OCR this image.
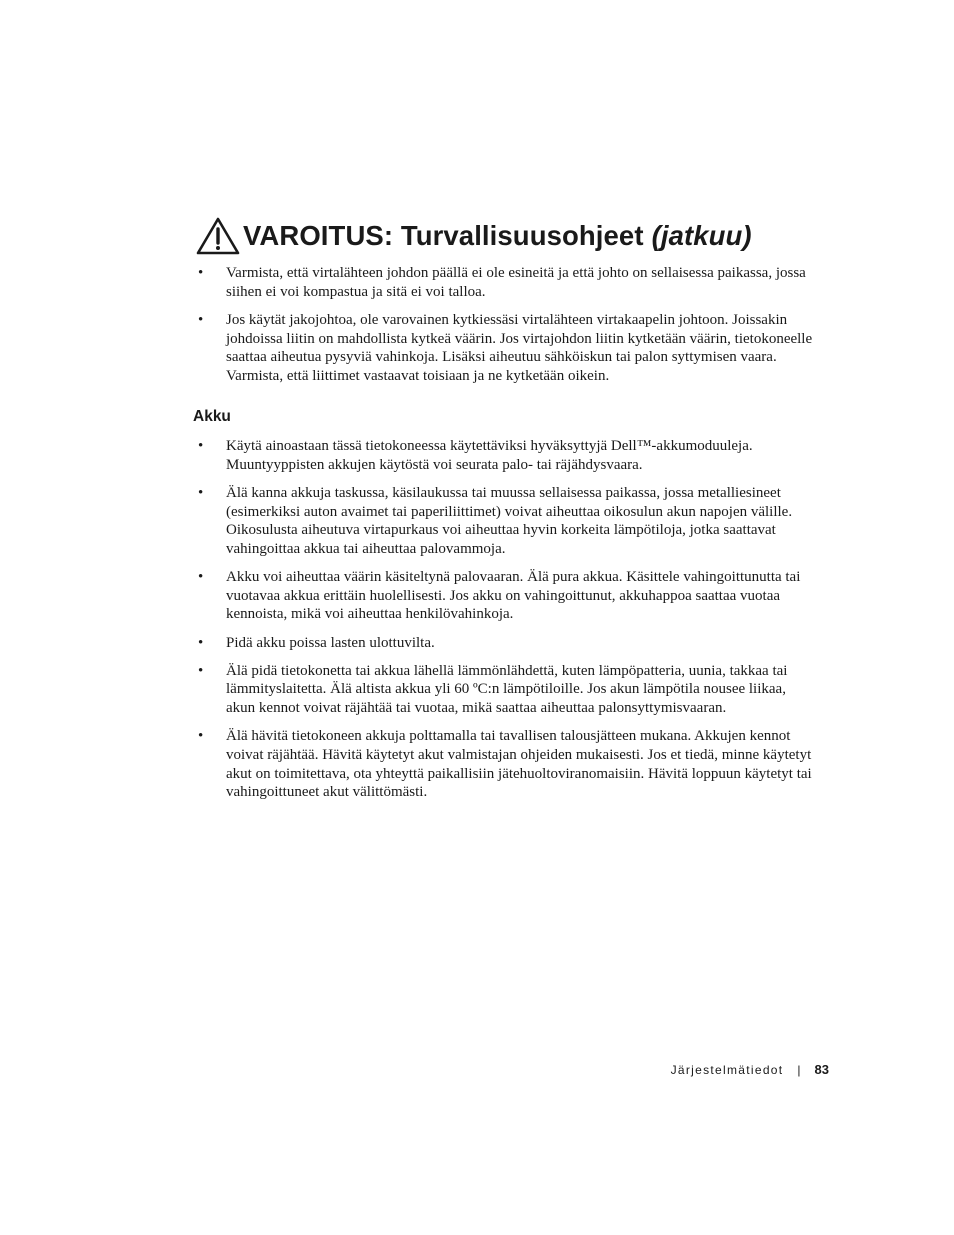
VAROITUS: Turvallisuusohjeet (jatkuu)
• Varmista, että virtalähteen johdon päällä ei ole esineitä ja että johto on sellaisessa paikassa, jossa siihen ei voi kompastua ja sitä ei voi talloa.
• Jos käytät jakojohtoa, ole varovainen kytkiessäsi virtalähteen virtakaapelin johtoon. Joissakin johdoissa liitin on mahdollista kytkeä väärin. Jos virtajohdon liitin kytketään väärin, tietokoneelle saattaa aiheutua pysyviä vahinkoja. Lisäksi aiheutuu sähköiskun tai palon syttymisen vaara. Varmista, että liittimet vastaavat toisiaan ja ne kytketään oikein.
Akku
• Käytä ainoastaan tässä tietokoneessa käytettäviksi hyväksyttyjä Dell™-akkumoduuleja. Muuntyyppisten akkujen käytöstä voi seurata palo- tai räjähdysvaara.
• Älä kanna akkuja taskussa, käsilaukussa tai muussa sellaisessa paikassa, jossa metalliesineet (esimerkiksi auton avaimet tai paperiliittimet) voivat aiheuttaa oikosulun akun napojen välille. Oikosulusta aiheutuva virtapurkaus voi aiheuttaa hyvin korkeita lämpötiloja, jotka saattavat vahingoittaa akkua tai aiheuttaa palovammoja.
• Akku voi aiheuttaa väärin käsiteltynä palovaaran. Älä pura akkua. Käsittele vahingoittunutta tai vuotavaa akkua erittäin huolellisesti. Jos akku on vahingoittunut, akkuhappoa saattaa vuotaa kennoista, mikä voi aiheuttaa henkilövahinkoja.
• Pidä akku poissa lasten ulottuvilta.
• Älä pidä tietokonetta tai akkua lähellä lämmönlähdettä, kuten lämpöpatteria, uunia, takkaa tai lämmityslaitetta. Älä altista akkua yli 60 ºC:n lämpötiloille. Jos akun lämpötila nousee liikaa, akun kennot voivat räjähtää tai vuotaa, mikä saattaa aiheuttaa palonsyttymisvaaran.
• Älä hävitä tietokoneen akkuja polttamalla tai tavallisen talousjätteen mukana. Akkujen kennot voivat räjähtää. Hävitä käytetyt akut valmistajan ohjeiden mukaisesti. Jos et tiedä, minne käytetyt akut on toimitettava, ota yhteyttä paikallisiin jätehuoltoviranomaisiin. Hävitä loppuun käytetyt tai vahingoittuneet akut välittömästi.
Järjestelmätiedot | 83
